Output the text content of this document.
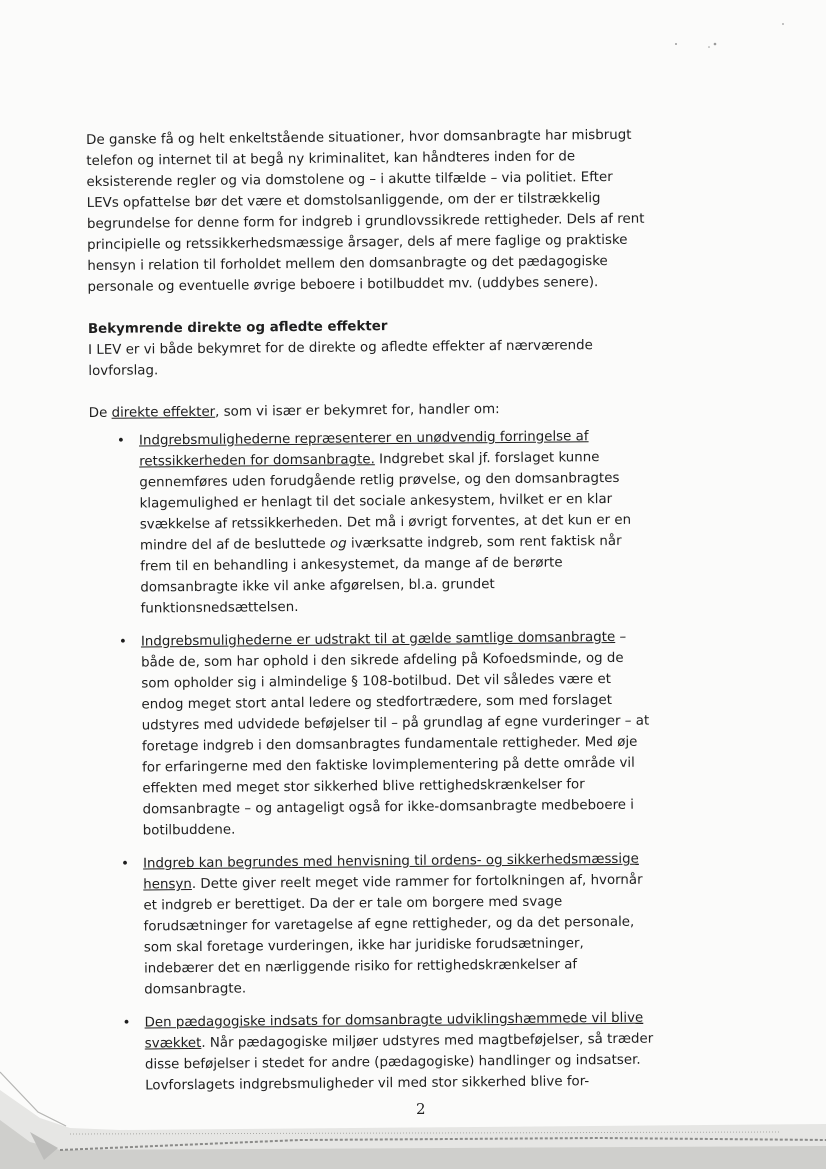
De ganske få og helt enkeltstående situationer, hvor domsanbragte har misbrugt telefon og internet til at begå ny kriminalitet, kan håndteres inden for de eksisterende regler og via domstolene og – i akutte tilfælde – via politiet. Efter LEVs opfattelse bør det være et domstolsanliggende, om der er tilstrækkelig begrundelse for denne form for indgreb i grundlovssikrede rettigheder. Dels af rent principielle og retssikkerhedsmæssige årsager, dels af mere faglige og praktiske hensyn i relation til forholdet mellem den domsanbragte og det pædagogiske personale og eventuelle øvrige beboere i botilbuddet mv. (uddybes senere).

Bekymrende direkte og afledte effekter

I LEV er vi både bekymret for de direkte og afledte effekter af nærværende lovforslag.

De direkte effekter, som vi især er bekymret for, handler om:

• Indgrebsmulighederne repræsenterer en unødvendig forringelse af retssikkerheden for domsanbragte. Indgrebet skal jf. forslaget kunne gennemføres uden forudgående retlig prøvelse, og den domsanbragtes klagemulighed er henlagt til det sociale ankesystem, hvilket er en klar svækkelse af retssikkerheden. Det må i øvrigt forventes, at det kun er en mindre del af de besluttede og iværksatte indgreb, som rent faktisk når frem til en behandling i ankesystemet, da mange af de berørte domsanbragte ikke vil anke afgørelsen, bl.a. grundet funktionsnedsættelsen.
• Indgrebsmulighederne er udstrakt til at gælde samtlige domsanbragte – både de, som har ophold i den sikrede afdeling på Kofoedsminde, og de som opholder sig i almindelige § 108-botilbud. Det vil således være et endog meget stort antal ledere og stedfortrædere, som med forslaget udstyres med udvidede beføjelser til – på grundlag af egne vurderinger – at foretage indgreb i den domsanbragtes fundamentale rettigheder. Med øje for erfaringerne med den faktiske lovimplementering på dette område vil effekten med meget stor sikkerhed blive rettighedskrænkelser for domsanbragte – og antageligt også for ikke-domsanbragte medbeboere i botilbuddene.
• Indgreb kan begrundes med henvisning til ordens- og sikkerhedsmæssige hensyn. Dette giver reelt meget vide rammer for fortolkningen af, hvornår et indgreb er berettiget. Da der er tale om borgere med svage forudsætninger for varetagelse af egne rettigheder, og da det personale, som skal foretage vurderingen, ikke har juridiske forudsætninger, indebærer det en nærliggende risiko for rettighedskrænkelser af domsanbragte.
• Den pædagogiske indsats for domsanbragte udviklingshæmmede vil blive svækket. Når pædagogiske miljøer udstyres med magtbeføjelser, så træder disse beføjelser i stedet for andre (pædagogiske) handlinger og indsatser. Lovforslagets indgrebsmuligheder vil med stor sikkerhed blive for-
2
